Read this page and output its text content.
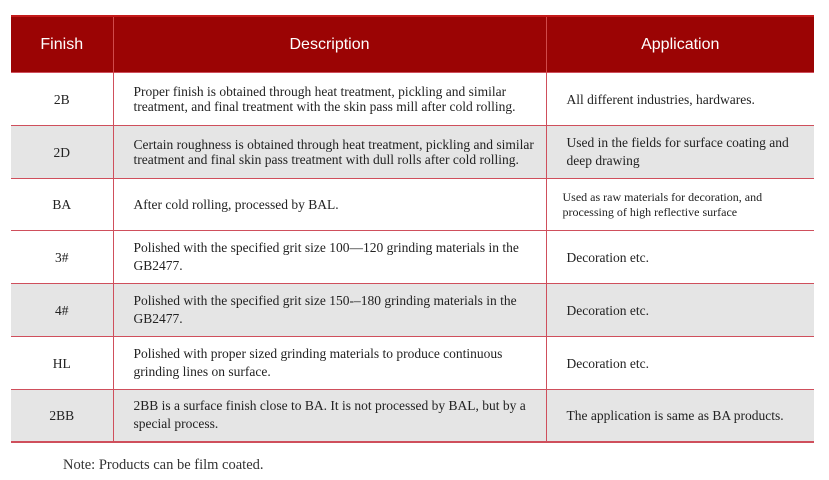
Finish	Description	Application
2B	Proper finish is obtained through heat treatment, pickling and similar treatment, and final treatment with the skin pass mill after cold rolling.	All different industries, hardwares.
2D	Certain roughness is obtained through heat treatment, pickling and similar treatment and final skin pass treatment with dull rolls after cold rolling.	Used in the fields for surface coating and deep drawing
BA	After cold rolling, processed by BAL.	Used as raw materials for decoration, and processing of high reflective surface
3#	Polished with the specified grit size 100—120 grinding materials in the GB2477.	Decoration etc.
4#	Polished with the specified grit size 150-–180 grinding materials in the GB2477.	Decoration etc.
HL	Polished with proper sized grinding materials to produce continuous grinding lines on surface.	Decoration etc.
2BB	2BB is a surface finish close to BA. It is not processed by BAL, but by a special process.	The application is same as BA products.
Note: Products can be film coated.
